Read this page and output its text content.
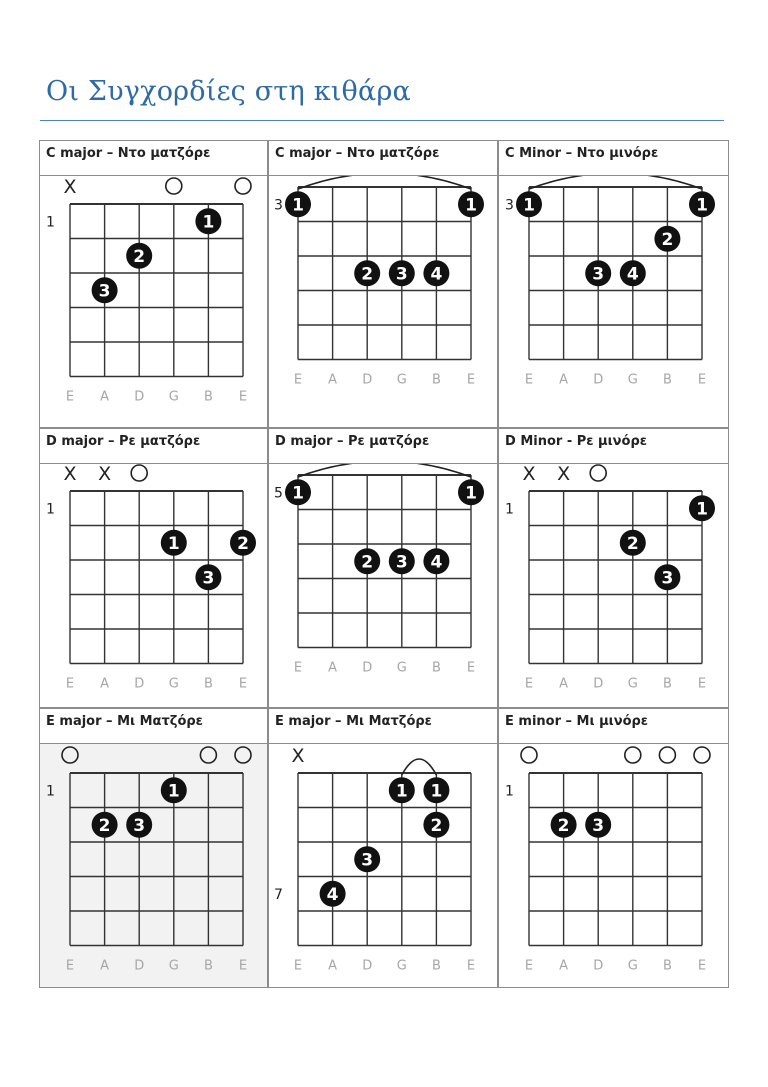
Οι Συγχορδίες στη κιθάρα
C major – Ντο ματζόρε
1
X
1
2
3
E A D G B E
C major – Ντο ματζόρε
3 1	1
2 3 4
E A D G B E
C Minor – Ντο μινόρε
3 1	1
2
3 4
E A D G B E
D major – Ρε ματζόρε
1
X X
1	2
3
E A D G B E
D major – Ρε ματζόρε
5 1	1
2 3 4
E A D G B E
D Minor - Ρε μινόρε
1
X X
1
2
3
E A D G B E
E major – Μι Ματζόρε
1	1
2 3
E A D G B E
E major – Μι Ματζόρε
7
X
1 1
2
3
4
E A D G B E
E minor – Μι μινόρε
1
2 3
E A D G B E
